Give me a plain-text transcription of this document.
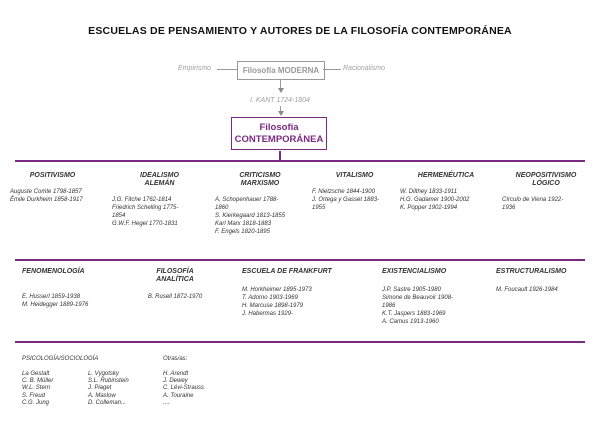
ESCUELAS DE PENSAMIENTO Y AUTORES DE LA FILOSOFÍA CONTEMPORÁNEA
Empirismo	Filosofía MODERNA	Racionalismo
I. KANT 1724-1804
Filosofía
CONTEMPORÁNEA
POSITIVISMO
Auguste Comte 1798-1857
Émile Durkheim 1858-1917
IDEALISMO
ALEMÁN
J.G. Fitche 1762-1814
Friedrich Schelling 1775-
1854
G.W.F. Hegel 1770-1831
CRITICISMO
MARXISMO
A. Schopenhauer 1788-
1860
S. Kierkegaard 1813-1855
Karl Marx 1818-1883
F. Engels 1820-1895
VITALISMO
F. Nietzsche 1844-1900
J. Ortega y Gasset 1883-
1955
HERMENÉUTICA
W. Dilthey 1833-1911
H.G. Gadamer 1900-2002
K. Popper 1902-1994
NEOPOSITIVISMO
LÓGICO
Círculo de Viena 1922-
1936
FENOMENOLOGÍA
E. Husserl 1859-1938
M. Heidegger 1889-1976
FILOSOFÍA
ANALÍTICA
B. Rusell 1872-1970
ESCUELA DE FRANKFURT
M. Horkheimer 1895-1973
T. Adorno 1903-1969
H. Marcuse 1898-1979
J. Habermas 1929-
EXISTENCIALISMO
J.P. Sastre 1905-1980
Simone de Beauvoir 1908-
1986
K.T. Jaspers 1883-1969
A. Camus 1913-1960
ESTRUCTURALISMO
M. Foucault 1926-1984
PSICOLOGÍA/SOCIOLOGÍA
La Gestalt
C. B. Müller
W.L. Stern
S. Freud
C.G. Jung
L. Vygotsky
S.L. Rubinstein
J. Piaget
A. Maslow
D. Colleman...
Otras/as:
H. Arendt
J. Dewey
C. Lévi-Strauss
A. Touraine
....
